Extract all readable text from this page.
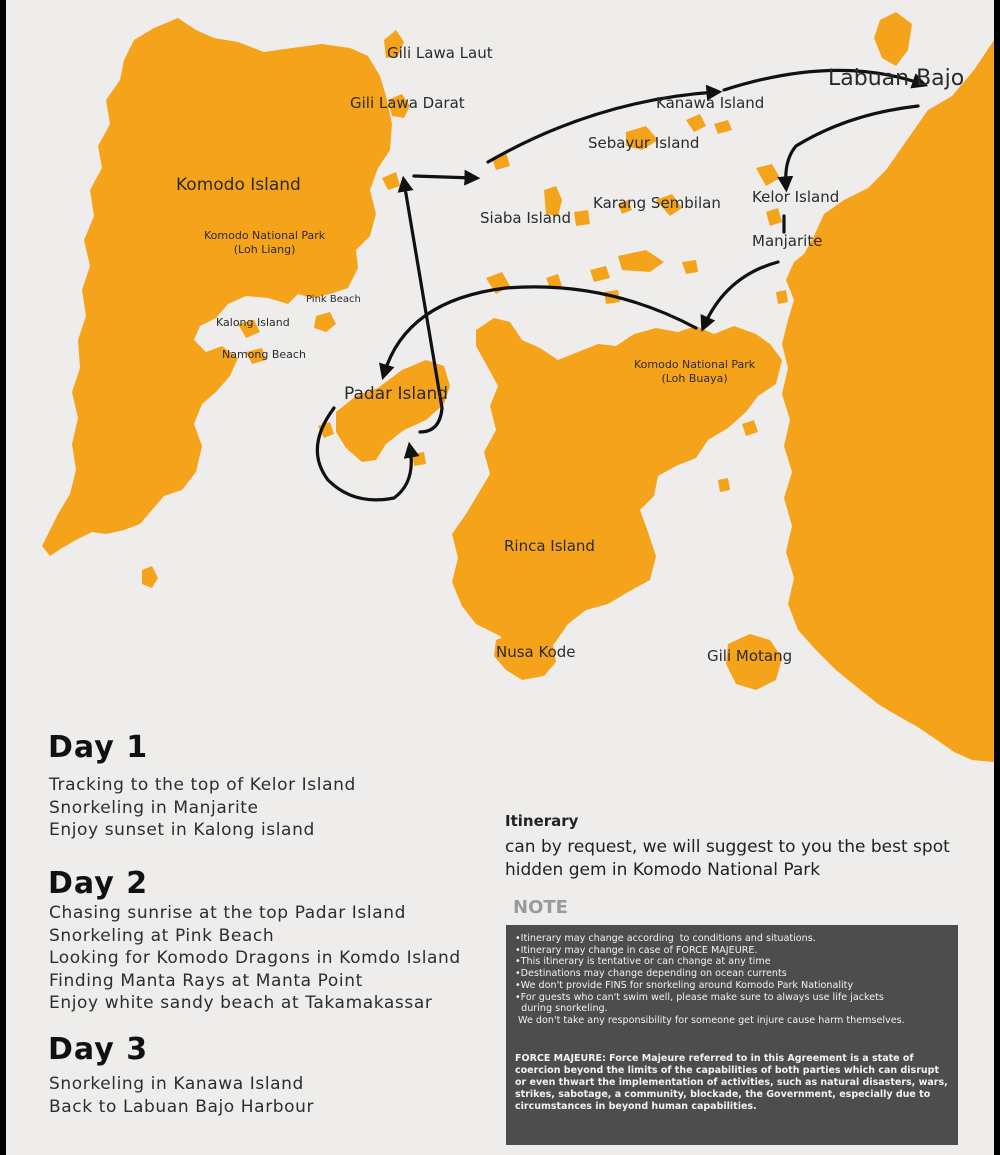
Gili Lawa Laut
Gili Lawa Darat	Kanawa Island
Labuan Bajo
Sebayur Island
Komodo Island
Karang Sembilan Kelor Island
Siaba Island
Komodo National Park
(Loh Liang)	Manjarite
Pink Beach
Kalong Island
Namong Beach
Komodo National Park
(Loh Buaya)
Padar Island
Rinca Island
Nusa Kode	Gili Motang
Day 1
Tracking to the top of Kelor Island
Snorkeling in Manjarite
Enjoy sunset in Kalong island
Day 2
Chasing sunrise at the top Padar Island
Snorkeling at Pink Beach
Looking for Komodo Dragons in Komdo Island
Finding Manta Rays at Manta Point
Enjoy white sandy beach at Takamakassar
Day 3
Snorkeling in Kanawa Island
Back to Labuan Bajo Harbour
Itinerary
can by request, we will suggest to you the best spot
hidden gem in Komodo National Park
NOTE
•Itinerary may change according  to conditions and situations.
•Itinerary may change in case of FORCE MAJEURE.
•This itinerary is tentative or can change at any time
•Destinations may change depending on ocean currents
•We don't provide FINS for snorkeling around Komodo Park Nationality
•For guests who can't swim well, please make sure to always use life jackets
during snorkeling.
We don't take any responsibility for someone get injure cause harm themselves.
FORCE MAJEURE: Force Majeure referred to in this Agreement is a state of coercion beyond the limits of the capabilities of both parties which can disrupt or even thwart the implementation of activities, such as natural disasters, wars, strikes, sabotage, a community, blockade, the Government, especially due to circumstances in beyond human capabilities.
